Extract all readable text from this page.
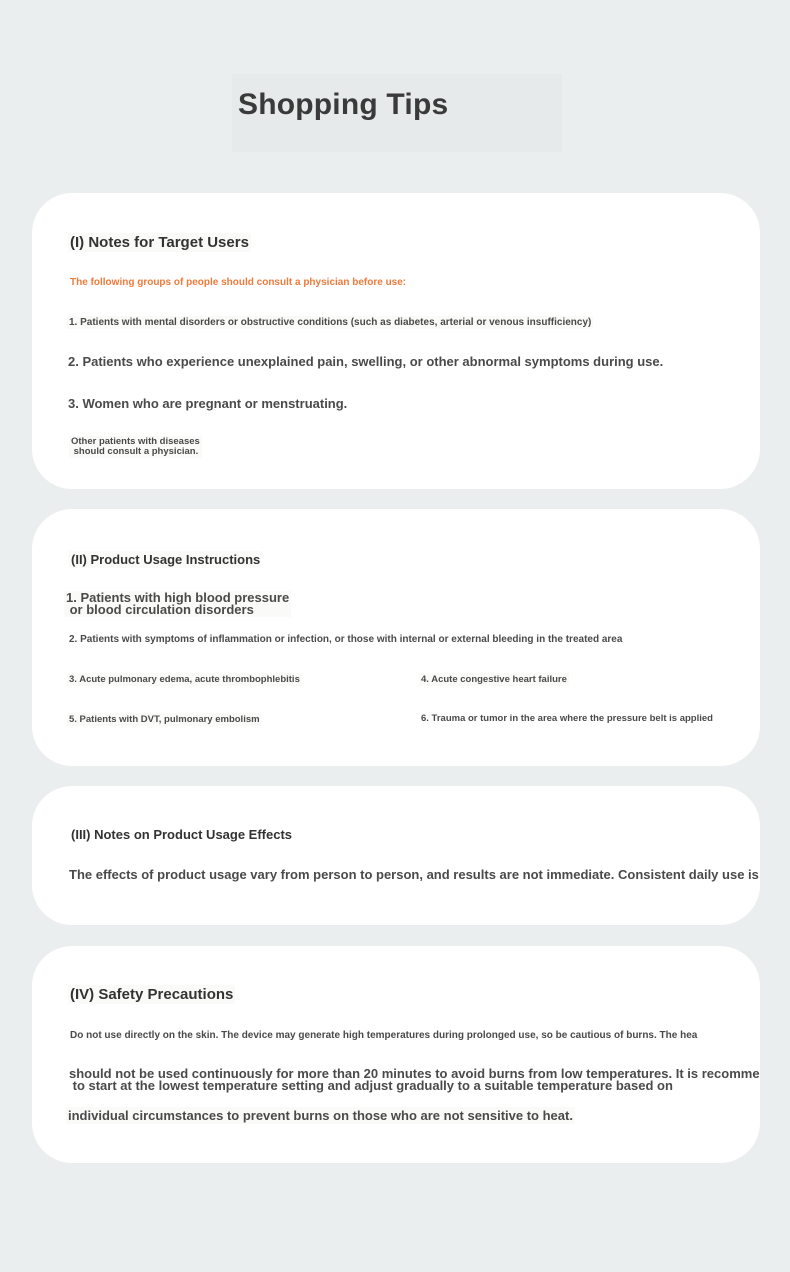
Shopping Tips

(I) Notes for Target Users

The following groups of people should consult a physician before use:

1. Patients with mental disorders or obstructive conditions (such as diabetes, arterial or venous insufficiency)

2. Patients who experience unexplained pain, swelling, or other abnormal symptoms during use.

3. Women who are pregnant or menstruating.

Other patients with diseases
should consult a physician.

(II) Product Usage Instructions

1. Patients with high blood pressure
or blood circulation disorders

2. Patients with symptoms of inflammation or infection, or those with internal or external bleeding in the treated area

3. Acute pulmonary edema, acute thrombophlebitis	4. Acute congestive heart failure

5. Patients with DVT, pulmonary embolism	6. Trauma or tumor in the area where the pressure belt is applied

(III) Notes on Product Usage Effects

The effects of product usage vary from person to person, and results are not immediate. Consistent daily use is

(IV) Safety Precautions

Do not use directly on the skin. The device may generate high temperatures during prolonged use, so be cautious of burns. The hea

should not be used continuously for more than 20 minutes to avoid burns from low temperatures. It is recomme
to start at the lowest temperature setting and adjust gradually to a suitable temperature based on

individual circumstances to prevent burns on those who are not sensitive to heat.
